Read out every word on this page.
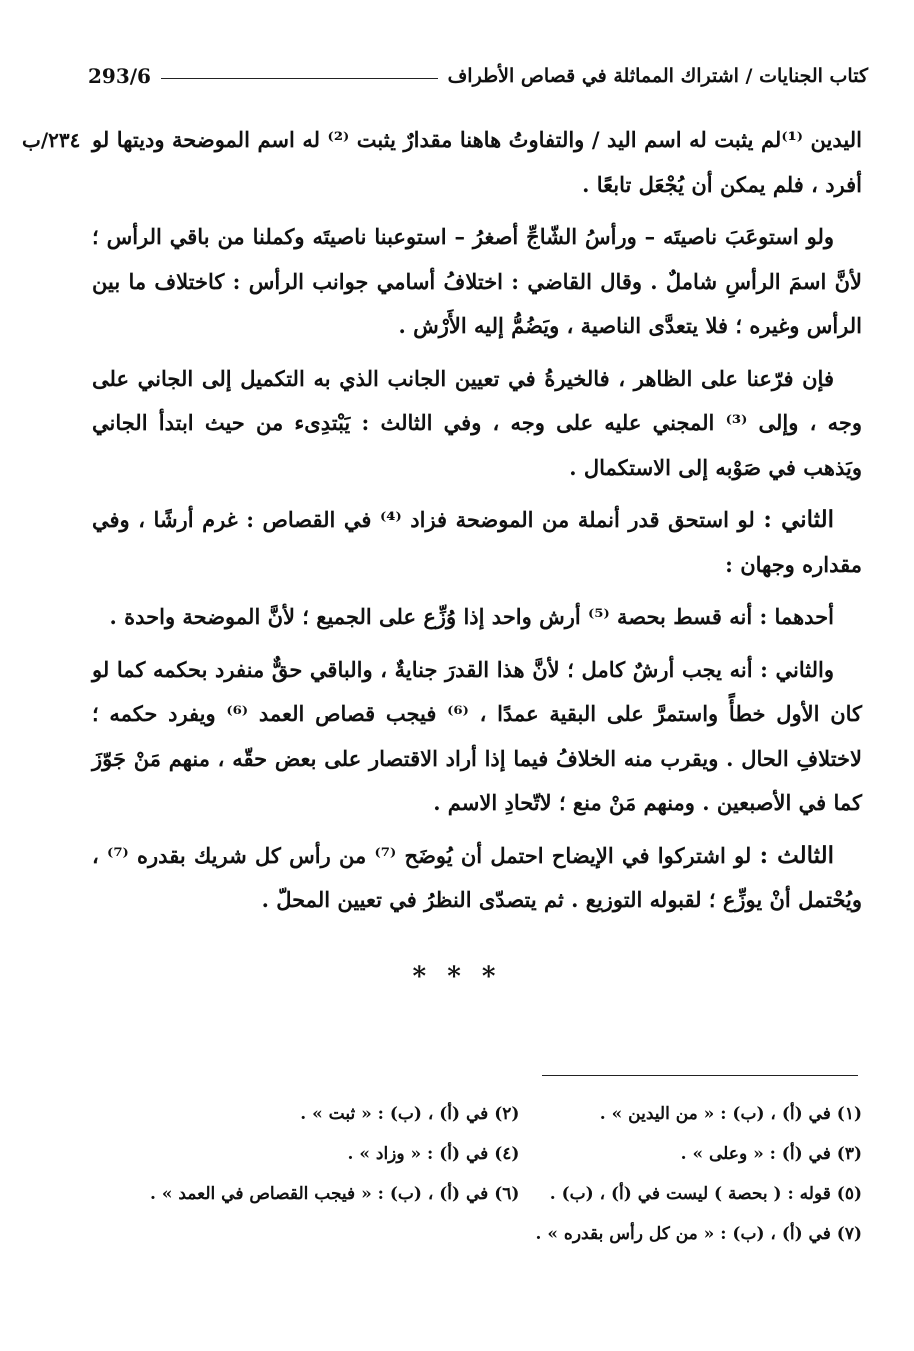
كتاب الجنايات / اشتراك المماثلة في قصاص الأطراف
293/6
٢٣٤/ب اليدين ⁽¹⁾لم يثبت له اسم اليد / والتفاوتُ هاهنا مقدارٌ يثبت ⁽²⁾ له اسم الموضحة وديتها لو أفرد ، فلم يمكن أن يُجْعَل تابعًا .

ولو استوعَبَ ناصيتَه – ورأسُ الشّاجِّ أصغرُ – استوعبنا ناصيتَه وكملنا من باقي الرأس ؛ لأنَّ اسمَ الرأسِ شاملٌ . وقال القاضي : اختلافُ أسامي جوانب الرأس : كاختلاف ما بين الرأس وغيره ؛ فلا يتعدَّى الناصية ، ويَضُمُّ إليه الأَرْش .

فإن فرّعنا على الظاهر ، فالخيرةُ في تعيين الجانب الذي به التكميل إلى الجاني على وجه ، وإلى ⁽³⁾ المجني عليه على وجه ، وفي الثالث : يَبْتدِىء من حيث ابتدأ الجاني ويَذهب في صَوْبه إلى الاستكمال .

الثاني : لو استحق قدر أنملة من الموضحة فزاد ⁽⁴⁾ في القصاص : غرم أرشًا ، وفي مقداره وجهان :

أحدهما : أنه قسط بحصة ⁽⁵⁾ أرش واحد إذا وُزِّع على الجميع ؛ لأنَّ الموضحة واحدة .

والثاني : أنه يجب أرشٌ كامل ؛ لأنَّ هذا القدرَ جنايةٌ ، والباقي حقٌّ منفرد بحكمه كما لو كان الأول خطأً واستمرَّ على البقية عمدًا ، ⁽⁶⁾ فيجب قصاص العمد ⁽⁶⁾ ويفرد حكمه ؛ لاختلافِ الحال . ويقرب منه الخلافُ فيما إذا أراد الاقتصار على بعض حقّه ، منهم مَنْ جَوّزَ كما في الأصبعين . ومنهم مَنْ منع ؛ لاتّحادِ الاسم .

الثالث : لو اشتركوا في الإيضاح احتمل أن يُوضَح ⁽⁷⁾ من رأس كل شريك بقدره ⁽⁷⁾ ، ويُحْتمل أنْ يوزِّع ؛ لقبوله التوزيع . ثم يتصدّى النظرُ في تعيين المحلّ .

* * *
(١) في (أ) ، (ب) : « من اليدين » .
(٢) في (أ) ، (ب) : « ثبت » .
(٣) في (أ) : « وعلى » .
(٤) في (أ) : « وزاد » .
(٥) قوله : ( بحصة ) ليست في (أ) ، (ب) .
(٦) في (أ) ، (ب) : « فيجب القصاص في العمد » .
(٧) في (أ) ، (ب) : « من كل رأس بقدره » .
